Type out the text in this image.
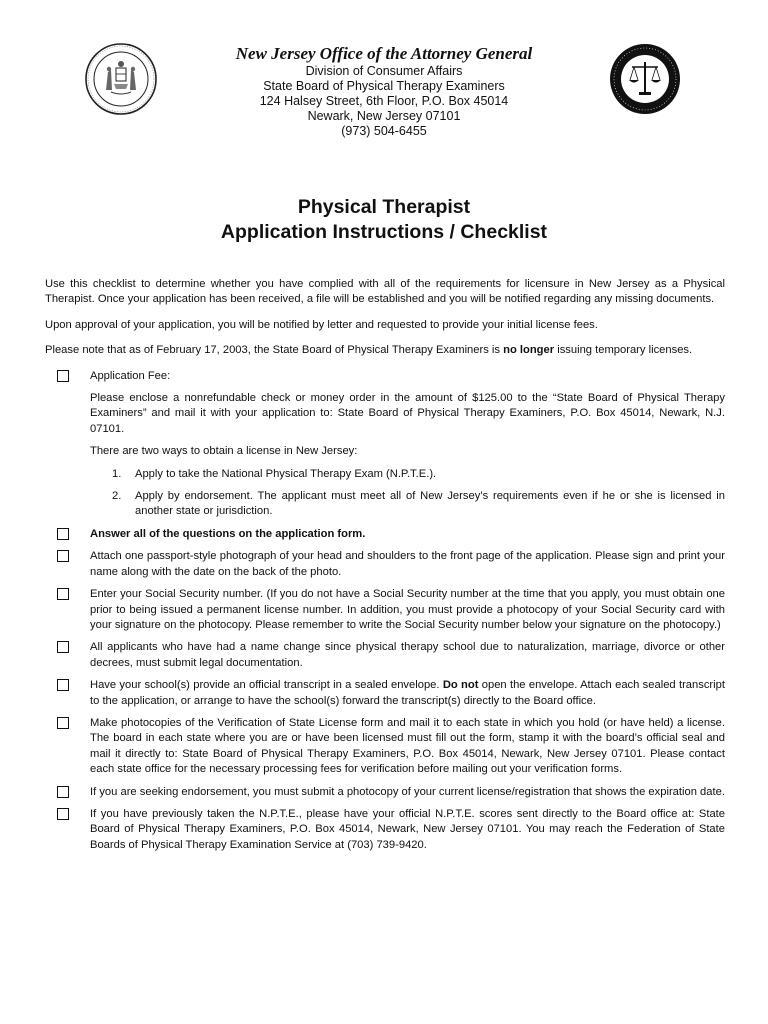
New Jersey Office of the Attorney General
Division of Consumer Affairs
State Board of Physical Therapy Examiners
124 Halsey Street, 6th Floor, P.O. Box 45014
Newark, New Jersey 07101
(973) 504-6455
Physical Therapist
Application Instructions / Checklist

Use this checklist to determine whether you have complied with all of the requirements for licensure in New Jersey as a Physical Therapist. Once your application has been received, a file will be established and you will be notified regarding any missing documents.

Upon approval of your application, you will be notified by letter and requested to provide your initial license fees.

Please note that as of February 17, 2003, the State Board of Physical Therapy Examiners is no longer issuing temporary licenses.

Application Fee:

Please enclose a nonrefundable check or money order in the amount of $125.00 to the “State Board of Physical Therapy Examiners” and mail it with your application to: State Board of Physical Therapy Examiners, P.O. Box 45014, Newark, N.J. 07101.

There are two ways to obtain a license in New Jersey:

1. Apply to take the National Physical Therapy Exam (N.P.T.E.).
2. Apply by endorsement. The applicant must meet all of New Jersey’s requirements even if he or she is licensed in another state or jurisdiction.

Answer all of the questions on the application form.

Attach one passport-style photograph of your head and shoulders to the front page of the application. Please sign and print your name along with the date on the back of the photo.

Enter your Social Security number. (If you do not have a Social Security number at the time that you apply, you must obtain one prior to being issued a permanent license number. In addition, you must provide a photocopy of your Social Security card with your signature on the photocopy. Please remember to write the Social Security number below your signature on the photocopy.)

All applicants who have had a name change since physical therapy school due to naturalization, marriage, divorce or other decrees, must submit legal documentation.

Have your school(s) provide an official transcript in a sealed envelope. Do not open the envelope. Attach each sealed transcript to the application, or arrange to have the school(s) forward the transcript(s) directly to the Board office.

Make photocopies of the Verification of State License form and mail it to each state in which you hold (or have held) a license. The board in each state where you are or have been licensed must fill out the form, stamp it with the board’s official seal and mail it directly to: State Board of Physical Therapy Examiners, P.O. Box 45014, Newark, New Jersey 07101. Please contact each state office for the necessary processing fees for verification before mailing out your verification forms.

If you are seeking endorsement, you must submit a photocopy of your current license/registration that shows the expiration date.

If you have previously taken the N.P.T.E., please have your official N.P.T.E. scores sent directly to the Board office at: State Board of Physical Therapy Examiners, P.O. Box 45014, Newark, New Jersey 07101. You may reach the Federation of State Boards of Physical Therapy Examination Service at (703) 739-9420.
